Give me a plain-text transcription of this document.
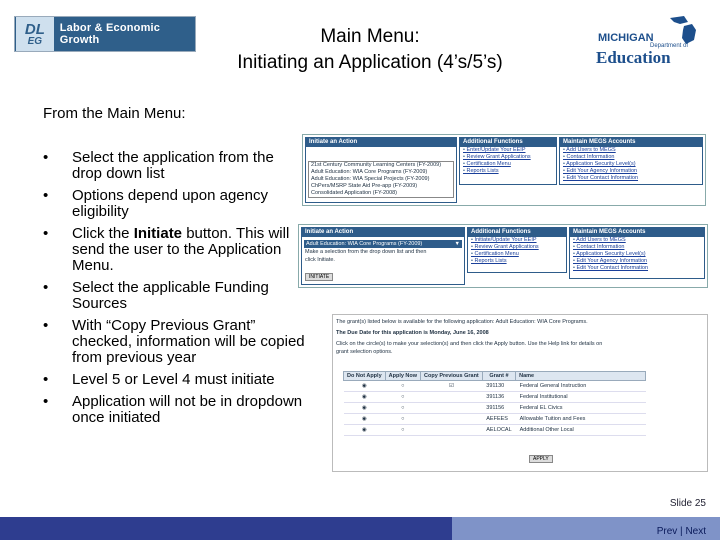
DL
EG
Labor & Economic Growth	Main Menu:
Initiating an Application (4’s/5’s)
MICHIGAN
Department of
Education
From the Main Menu:
• Select the application from the drop down list
• Options depend upon agency eligibility
• Click the Initiate button. This will send the user to the Application Menu.
• Select the applicable Funding Sources
• With “Copy Previous Grant” checked, information will be copied from previous year
• Level 5 or Level 4 must initiate
• Application will not be in dropdown once initiated
Initiate an Action
21st Century Community Learning Centers (FY-2009)
Adult Education: WIA Core Programs (FY-2009)
Adult Education: WIA Special Projects (FY-2009)
ChPers/MSRP State Aid Pre-app (FY-2009)
Consolidated Application (FY-2008)
Additional Functions
• Enter/Update Your EEIP
• Review Grant Applications
• Certification Menu
• Reports Lists
Maintain MEGS Accounts
• Add Users to MEGS
• Contact Information
• Application Security Level(s)
• Edit Your Agency Information
• Edit Your Contact Information
Initiate an Action
Adult Education: WIA Core Programs (FY-2009)	▼
Make a selection from the drop down list and then
click Initiate.
INITIATE
Additional Functions
• Initiate/Update Your EEIP
• Review Grant Applications
• Certification Menu
• Reports Lists
Maintain MEGS Accounts
• Add Users to MEGS
• Contact Information
• Application Security Level(s)
• Edit Your Agency Information
• Edit Your Contact Information
The grant(s) listed below is available for the following application: Adult Education: WIA Core Programs.
The Due Date for this application is Monday, June 16, 2008
Click on the circle(s) to make your selection(s) and then click the Apply button. Use the Help link for details on
grant selection options.
Do Not Apply	Apply Now	Copy Previous Grant	Grant #	Name
◉	○	☑	391130	Federal General Instruction
◉	○		391136	Federal Institutional
◉	○		391156	Federal EL Civics
◉	○		AEFEES	Allowable Tuition and Fees
◉	○		AELOCAL	Additional Other Local
APPLY
Slide 25
Prev | Next
